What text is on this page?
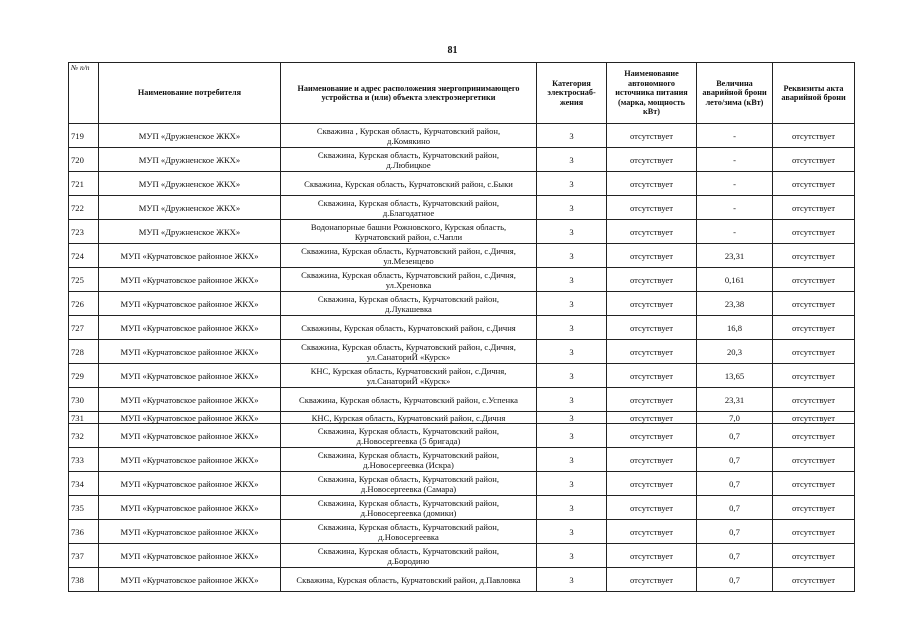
81
№ п/п	Наименование потребителя	Наименование и адрес расположения энергопринимающего устройства и (или) объекта электроэнергетики	Категория электроснаб-жения	Наименование автономного источника питания (марка, мощность кВт)	Величина аварийной брони лето/зима (кВт)	Реквизиты акта аварийной брони
719	МУП «Дружненское ЖКХ»	Скважина , Курская область, Курчатовский район,
д.Комякино	3	отсутствует	-	отсутствует
720	МУП «Дружненское ЖКХ»	Скважина, Курская область, Курчатовский район,
д.Любицкое	3	отсутствует	-	отсутствует
721	МУП «Дружненское ЖКХ»	Скважина, Курская область, Курчатовский район, с.Быки	3	отсутствует	-	отсутствует
722	МУП «Дружненское ЖКХ»	Скважина, Курская область, Курчатовский район,
д.Благодатное	3	отсутствует	-	отсутствует
723	МУП «Дружненское ЖКХ»	Водонапорные башни Рожновского, Курская область,
Курчатовский район, с.Чапли	3	отсутствует	-	отсутствует
724	МУП «Курчатовское районное ЖКХ»	Скважина, Курская область, Курчатовский район, с.Дичня,
ул.Мезенцево	3	отсутствует	23,31	отсутствует
725	МУП «Курчатовское районное ЖКХ»	Скважина, Курская область, Курчатовский район, с.Дичня,
ул.Хреновка	3	отсутствует	0,161	отсутствует
726	МУП «Курчатовское районное ЖКХ»	Скважина, Курская область, Курчатовский район,
д.Лукашевка	3	отсутствует	23,38	отсутствует
727	МУП «Курчатовское районное ЖКХ»	Скважины, Курская область, Курчатовский район, с.Дичня	3	отсутствует	16,8	отсутствует
728	МУП «Курчатовское районное ЖКХ»	Скважина, Курская область, Курчатовский район, с.Дичня,
ул.СанаториЙ «Курск»	3	отсутствует	20,3	отсутствует
729	МУП «Курчатовское районное ЖКХ»	КНС, Курская область, Курчатовский район, с.Дичня,
ул.СанаториЙ «Курск»	3	отсутствует	13,65	отсутствует
730	МУП «Курчатовское районное ЖКХ»	Скважина, Курская область, Курчатовский район, с.Успенка	3	отсутствует	23,31	отсутствует
731	МУП «Курчатовское районное ЖКХ»	КНС, Курская область, Курчатовский район, с.Дичня	3	отсутствует	7,0	отсутствует
732	МУП «Курчатовское районное ЖКХ»	Скважина, Курская область, Курчатовский район,
д.Новосергеевка (5 бригада)	3	отсутствует	0,7	отсутствует
733	МУП «Курчатовское районное ЖКХ»	Скважина, Курская область, Курчатовский район,
д.Новосергеевка (Искра)	3	отсутствует	0,7	отсутствует
734	МУП «Курчатовское районное ЖКХ»	Скважина, Курская область, Курчатовский район,
д.Новосергеевка (Самара)	3	отсутствует	0,7	отсутствует
735	МУП «Курчатовское районное ЖКХ»	Скважина, Курская область, Курчатовский район,
д.Новосергеевка (домики)	3	отсутствует	0,7	отсутствует
736	МУП «Курчатовское районное ЖКХ»	Скважина, Курская область, Курчатовский район,
д.Новосергеевка	3	отсутствует	0,7	отсутствует
737	МУП «Курчатовское районное ЖКХ»	Скважина, Курская область, Курчатовский район,
д.Бородино	3	отсутствует	0,7	отсутствует
738	МУП «Курчатовское районное ЖКХ»	Скважина, Курская область, Курчатовский район, д.Павловка	3	отсутствует	0,7	отсутствует
